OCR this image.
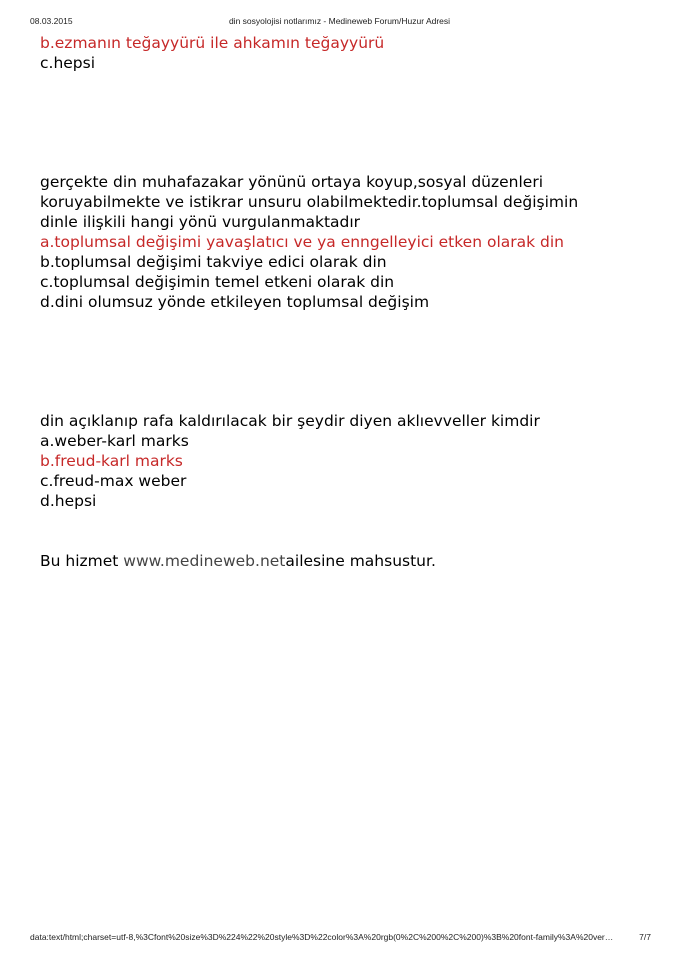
08.03.2015	din sosyolojisi notlarımız - Medineweb Forum/Huzur Adresi
b.ezmanın teğayyürü ile ahkamın teğayyürü
c.hepsi
gerçekte din muhafazakar yönünü ortaya koyup,sosyal düzenleri
koruyabilmekte ve istikrar unsuru olabilmektedir.toplumsal değişimin
dinle ilişkili hangi yönü vurgulanmaktadır
a.toplumsal değişimi yavaşlatıcı ve ya enngelleyici etken olarak din
b.toplumsal değişimi takviye edici olarak din
c.toplumsal değişimin temel etkeni olarak din
d.dini olumsuz yönde etkileyen toplumsal değişim
din açıklanıp rafa kaldırılacak bir şeydir diyen aklıevveller kimdir
a.weber-karl marks
b.freud-karl marks
c.freud-max weber
d.hepsi
Bu hizmet www.medineweb.netailesine mahsustur.
data:text/html;charset=utf-8,%3Cfont%20size%3D%224%22%20style%3D%22color%3A%20rgb(0%2C%200%2C%200)%3B%20font-family%3A%20ver…	7/7
